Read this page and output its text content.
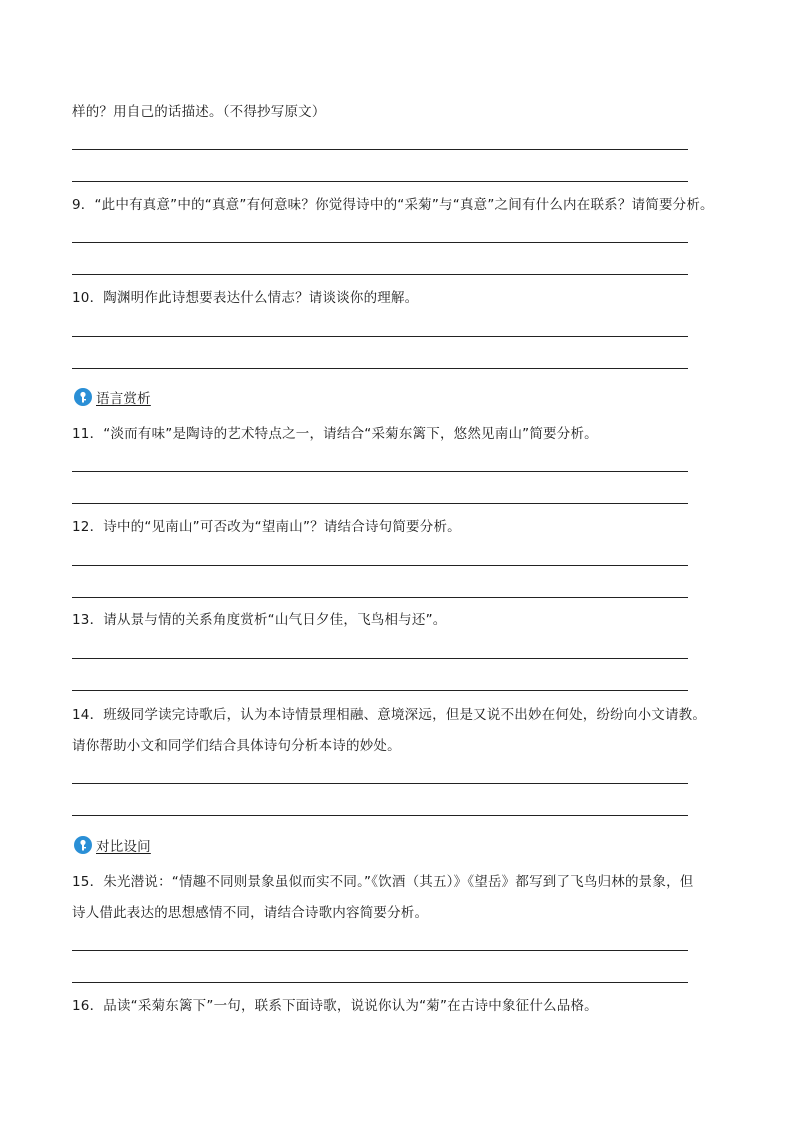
样的？用自己的话描述。（不得抄写原文）
9．“此中有真意”中的“真意”有何意味？你觉得诗中的“采菊”与“真意”之间有什么内在联系？请简要分析。
10．陶渊明作此诗想要表达什么情志？请谈谈你的理解。
语言赏析
11．“淡而有味”是陶诗的艺术特点之一，请结合“采菊东篱下，悠然见南山”简要分析。
12．诗中的“见南山”可否改为“望南山”？请结合诗句简要分析。
13．请从景与情的关系角度赏析“山气日夕佳，飞鸟相与还”。
14．班级同学读完诗歌后，认为本诗情景理相融、意境深远，但是又说不出妙在何处，纷纷向小文请教。
请你帮助小文和同学们结合具体诗句分析本诗的妙处。
对比设问
15．朱光潜说：“情趣不同则景象虽似而实不同。”《饮酒（其五）》《望岳》都写到了飞鸟归林的景象，但
诗人借此表达的思想感情不同，请结合诗歌内容简要分析。
16．品读“采菊东篱下”一句，联系下面诗歌，说说你认为“菊”在古诗中象征什么品格。
